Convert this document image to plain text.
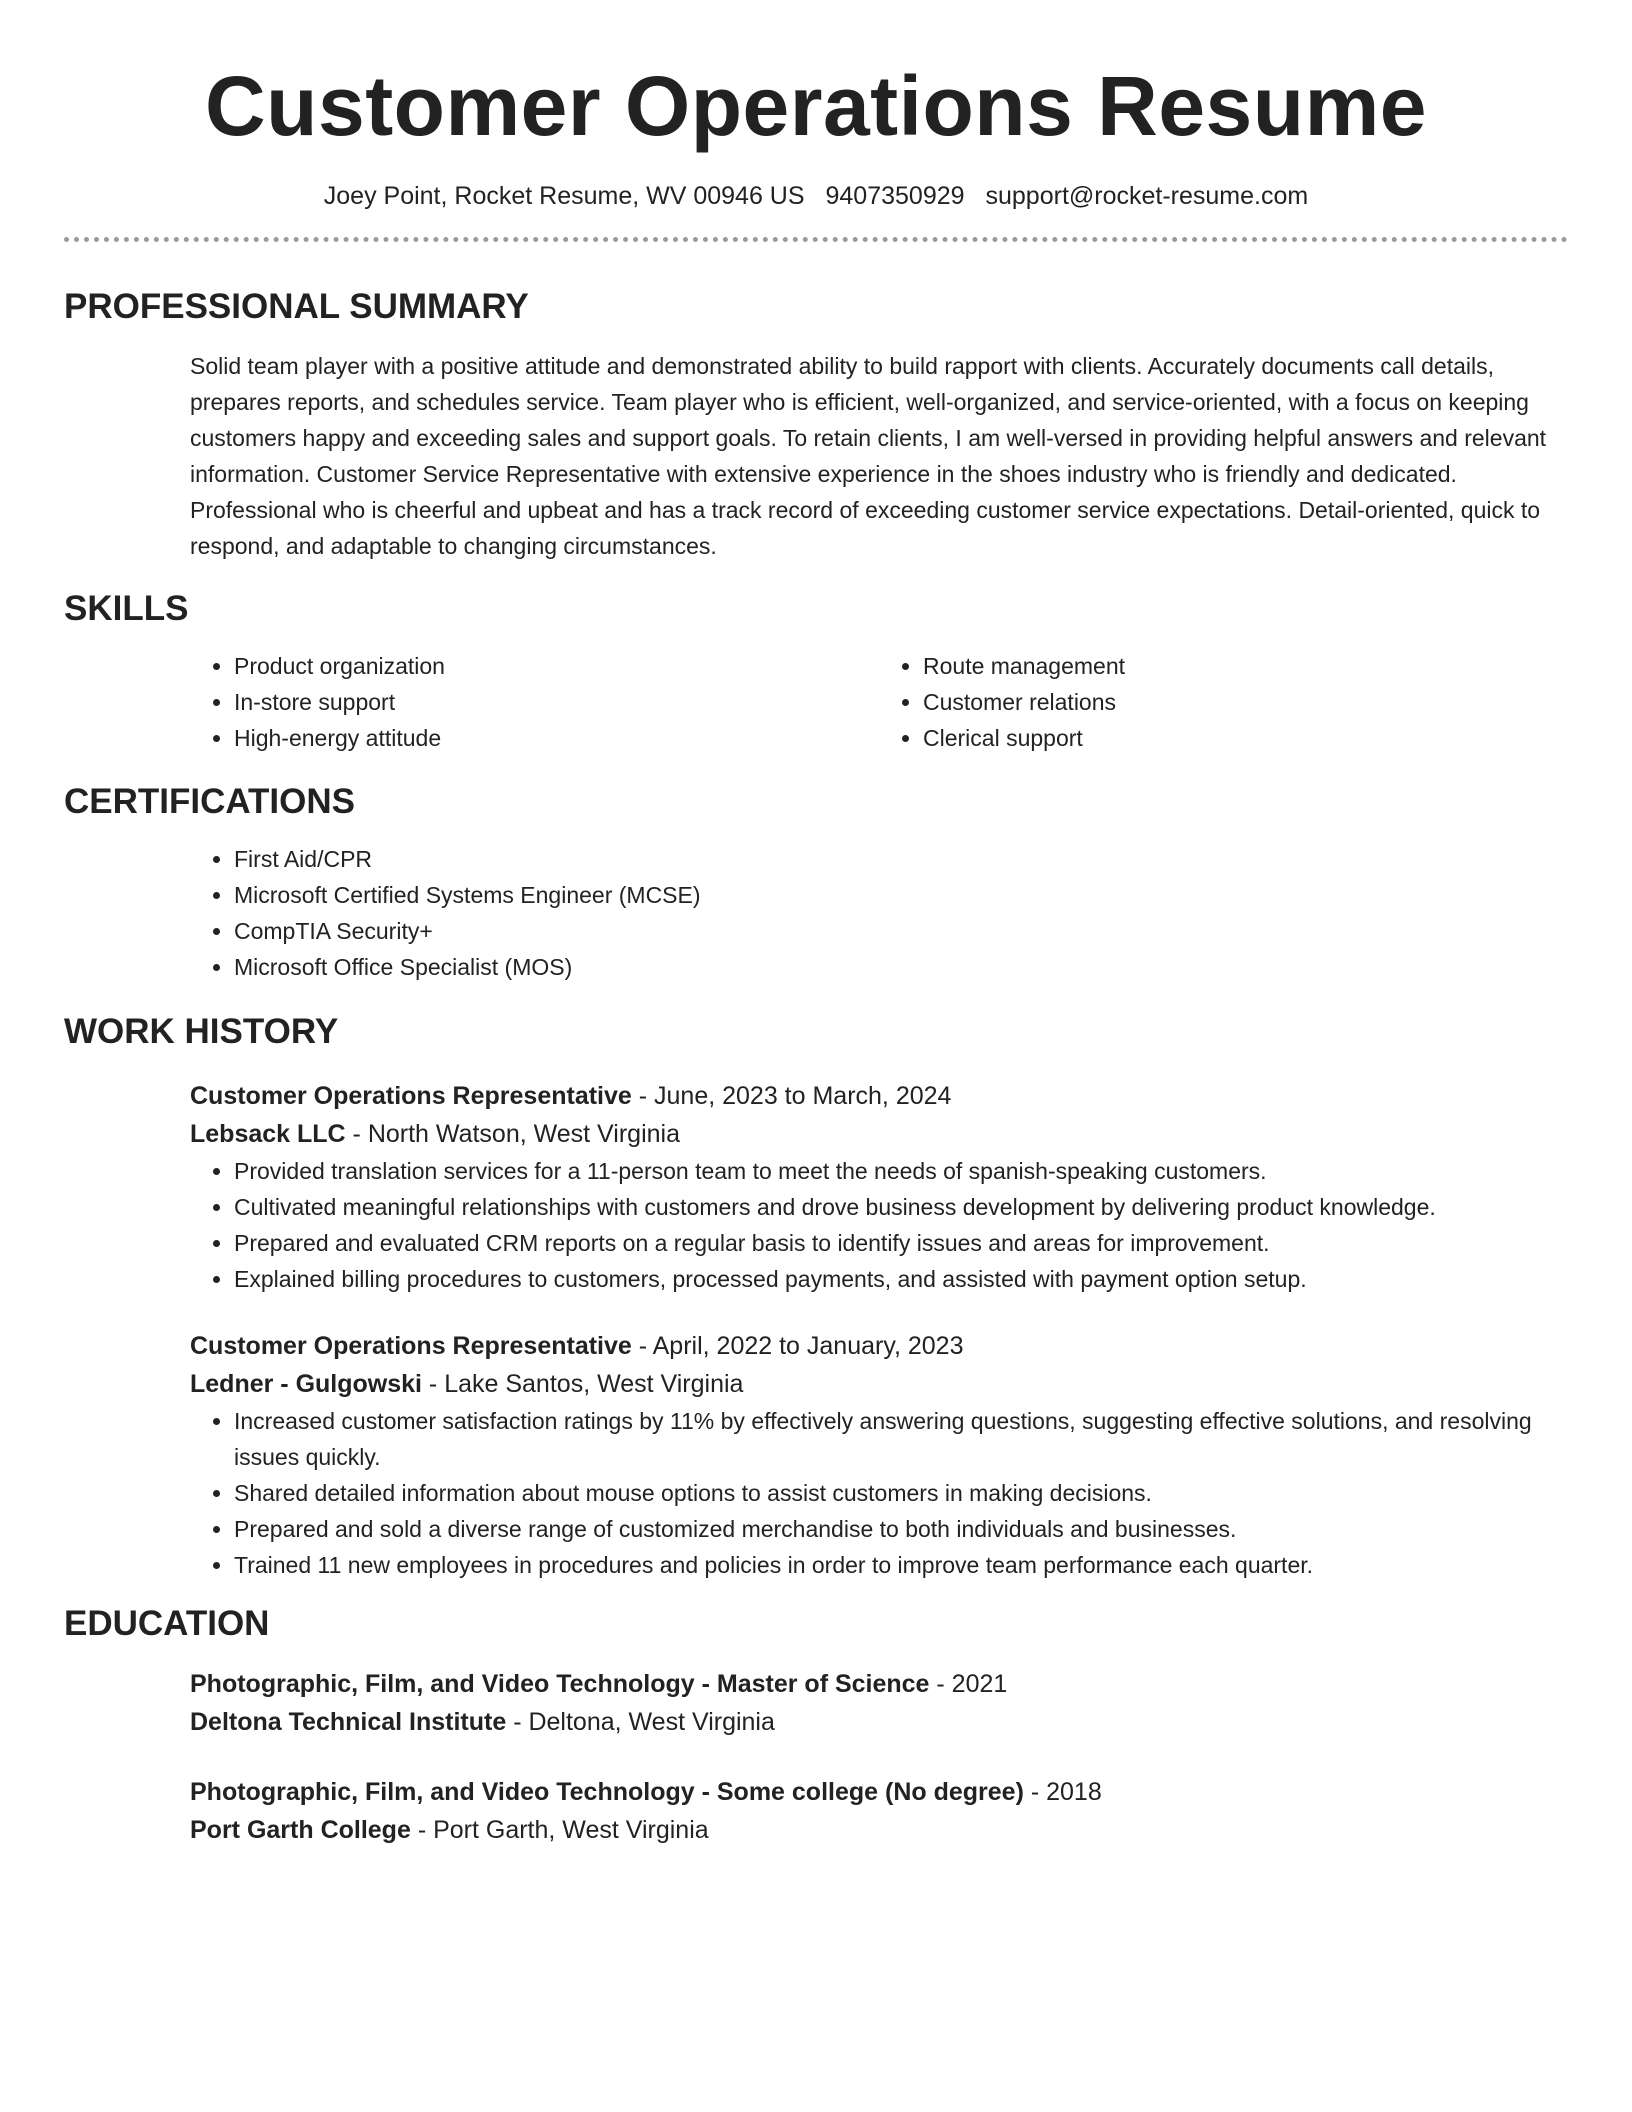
Customer Operations Resume
Joey Point, Rocket Resume, WV 00946 US 9407350929 support@rocket-resume.com
PROFESSIONAL SUMMARY
Solid team player with a positive attitude and demonstrated ability to build rapport with clients. Accurately documents call details, prepares reports, and schedules service. Team player who is efficient, well-organized, and service-oriented, with a focus on keeping customers happy and exceeding sales and support goals. To retain clients, I am well-versed in providing helpful answers and relevant information. Customer Service Representative with extensive experience in the shoes industry who is friendly and dedicated. Professional who is cheerful and upbeat and has a track record of exceeding customer service expectations. Detail-oriented, quick to respond, and adaptable to changing circumstances.
SKILLS
• Product organization
• In-store support
• High-energy attitude
• Route management
• Customer relations
• Clerical support
CERTIFICATIONS
• First Aid/CPR
• Microsoft Certified Systems Engineer (MCSE)
• CompTIA Security+
• Microsoft Office Specialist (MOS)
WORK HISTORY
Customer Operations Representative - June, 2023 to March, 2024
Lebsack LLC - North Watson, West Virginia
• Provided translation services for a 11-person team to meet the needs of spanish-speaking customers.
• Cultivated meaningful relationships with customers and drove business development by delivering product knowledge.
• Prepared and evaluated CRM reports on a regular basis to identify issues and areas for improvement.
• Explained billing procedures to customers, processed payments, and assisted with payment option setup.
Customer Operations Representative - April, 2022 to January, 2023
Ledner - Gulgowski - Lake Santos, West Virginia
• Increased customer satisfaction ratings by 11% by effectively answering questions, suggesting effective solutions, and resolving issues quickly.
• Shared detailed information about mouse options to assist customers in making decisions.
• Prepared and sold a diverse range of customized merchandise to both individuals and businesses.
• Trained 11 new employees in procedures and policies in order to improve team performance each quarter.
EDUCATION
Photographic, Film, and Video Technology - Master of Science - 2021
Deltona Technical Institute - Deltona, West Virginia
Photographic, Film, and Video Technology - Some college (No degree) - 2018
Port Garth College - Port Garth, West Virginia
